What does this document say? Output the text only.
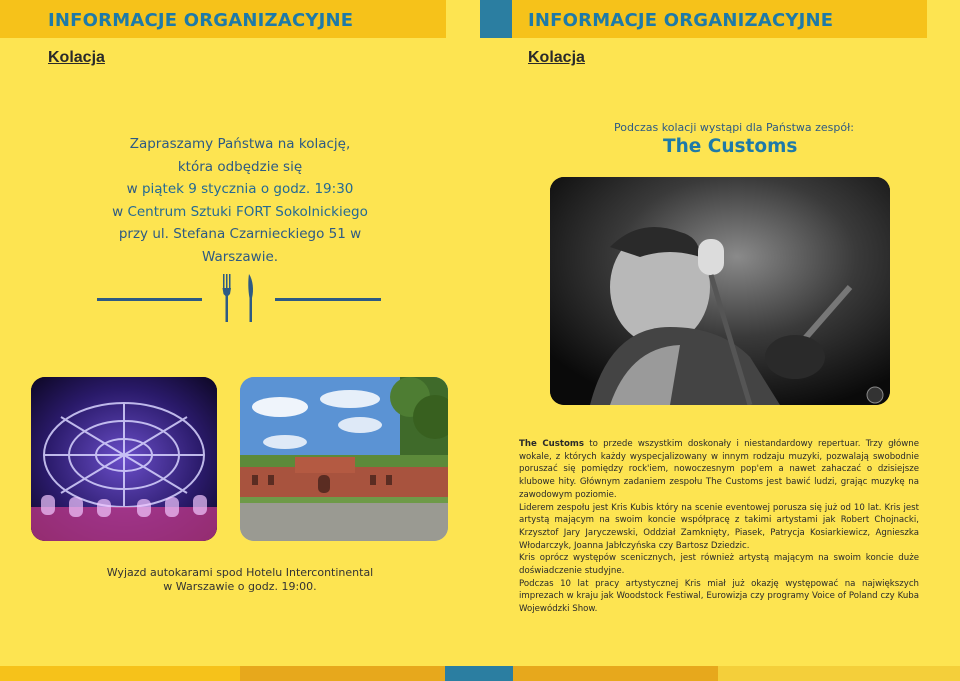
INFORMACJE ORGANIZACYJNE
Kolacja
Zapraszamy Państwa na kolację,
która odbędzie się
w piątek 9 stycznia o godz. 19:30
w Centrum Sztuki FORT Sokolnickiego
przy ul. Stefana Czarnieckiego 51 w Warszawie.
Wyjazd autokarami spod Hotelu Intercontinental
w Warszawie o godz. 19:00.
INFORMACJE ORGANIZACYJNE
Kolacja
Podczas kolacji wystąpi dla Państwa zespół:
The Customs

The Customs to przede wszystkim doskonały i niestandardowy repertuar. Trzy główne wokale, z których każdy wyspecjalizowany w innym rodzaju muzyki, pozwalają swobodnie poruszać się pomiędzy rock'iem, nowoczesnym pop'em a nawet zahaczać o dzisiejsze klubowe hity. Głównym zadaniem zespołu The Customs jest bawić ludzi, grając muzykę na zawodowym poziomie.

Liderem zespołu jest Kris Kubis który na scenie eventowej porusza się już od 10 lat. Kris jest artystą mającym na swoim koncie współpracę z takimi artystami jak Robert Chojnacki, Krzysztof Jary Jaryczewski, Oddział Zamknięty, Piasek, Patrycja Kosiarkiewicz, Agnieszka Włodarczyk, Joanna Jabłczyńska czy Bartosz Dziedzic.

Kris oprócz występów scenicznych, jest również artystą mającym na swoim koncie duże doświadczenie studyjne.

Podczas 10 lat pracy artystycznej Kris miał już okazję występować na największych imprezach w kraju jak Woodstock Festiwal, Eurowizja czy programy Voice of Poland czy Kuba Wojewódzki Show.
